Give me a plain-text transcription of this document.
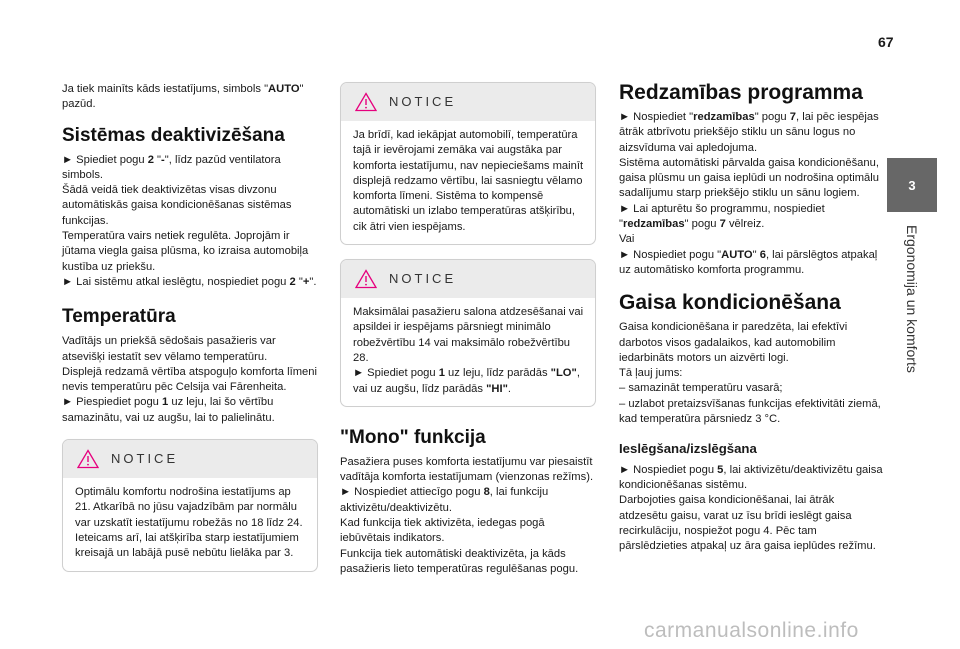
67

Ja tiek mainīts kāds iestatījums, simbols "AUTO" pazūd.

Sistēmas deaktivizēšana

► Spiediet pogu 2 "-", līdz pazūd ventilatora simbols.

Šādā veidā tiek deaktivizētas visas divzonu automātiskās gaisa kondicionēšanas sistēmas funkcijas.

Temperatūra vairs netiek regulēta. Joprojām ir jūtama viegla gaisa plūsma, ko izraisa automobiļa kustība uz priekšu.

► Lai sistēmu atkal ieslēgtu, nospiediet pogu 2 "+".

Temperatūra

Vadītājs un priekšā sēdošais pasažieris var atsevišķi iestatīt sev vēlamo temperatūru.

Displejā redzamā vērtība atspoguļo komforta līmeni nevis temperatūru pēc Celsija vai Fārenheita.

► Piespiediet pogu 1 uz leju, lai šo vērtību samazinātu, vai uz augšu, lai to palielinātu.

NOTICE

Optimālu komfortu nodrošina iestatījums ap 21. Atkarībā no jūsu vajadzībām par normālu var uzskatīt iestatījumu robežās no 18 līdz 24. Ieteicams arī, lai atšķirība starp iestatījumiem kreisajā un labājā pusē nebūtu lielāka par 3.

NOTICE

Ja brīdī, kad iekāpjat automobilī, temperatūra tajā ir ievērojami zemāka vai augstāka par komforta iestatījumu, nav nepieciešams mainīt displejā redzamo vērtību, lai sasniegtu vēlamo komforta līmeni. Sistēma to kompensē automātiski un izlabo temperatūras atšķirību, cik ātri vien iespējams.

NOTICE

Maksimālai pasažieru salona atdzesēšanai vai apsildei ir iespējams pārsniegt minimālo robežvērtību 14 vai maksimālo robežvērtību 28.

► Spiediet pogu 1 uz leju, līdz parādās "LO", vai uz augšu, līdz parādās "HI".

"Mono" funkcija

Pasažiera puses komforta iestatījumu var piesaistīt vadītāja komforta iestatījumam (vienzonas režīms).

► Nospiediet attiecīgo pogu 8, lai funkciju aktivizētu/deaktivizētu.

Kad funkcija tiek aktivizēta, iedegas pogā iebūvētais indikators.

Funkcija tiek automātiski deaktivizēta, ja kāds pasažieris lieto temperatūras regulēšanas pogu.

Redzamības programma

► Nospiediet "redzamības" pogu 7, lai pēc iespējas ātrāk atbrīvotu priekšējo stiklu un sānu logus no aizsvīduma vai apledojuma.

Sistēma automātiski pārvalda gaisa kondicionēšanu, gaisa plūsmu un gaisa ieplūdi un nodrošina optimālu sadalījumu starp priekšējo stiklu un sānu logiem.

► Lai apturētu šo programmu, nospiediet "redzamības" pogu 7 vēlreiz.

Vai

► Nospiediet pogu "AUTO" 6, lai pārslēgtos atpakaļ uz automātisko komforta programmu.

Gaisa kondicionēšana

Gaisa kondicionēšana ir paredzēta, lai efektīvi darbotos visos gadalaikos, kad automobilim iedarbināts motors un aizvērti logi.

Tā ļauj jums:

– samazināt temperatūru vasarā;

– uzlabot pretaizsvīšanas funkcijas efektivitāti ziemā, kad temperatūra pārsniedz 3 °C.

Ieslēgšana/izslēgšana

► Nospiediet pogu 5, lai aktivizētu/deaktivizētu gaisa kondicionēšanas sistēmu.

Darbojoties gaisa kondicionēšanai, lai ātrāk atdzesētu gaisu, varat uz īsu brīdi ieslēgt gaisa recirkulāciju, nospiežot pogu 4. Pēc tam pārslēdzieties atpakaļ uz āra gaisa ieplūdes režīmu.

3
Ergonomija un komforts
carmanualsonline.info
